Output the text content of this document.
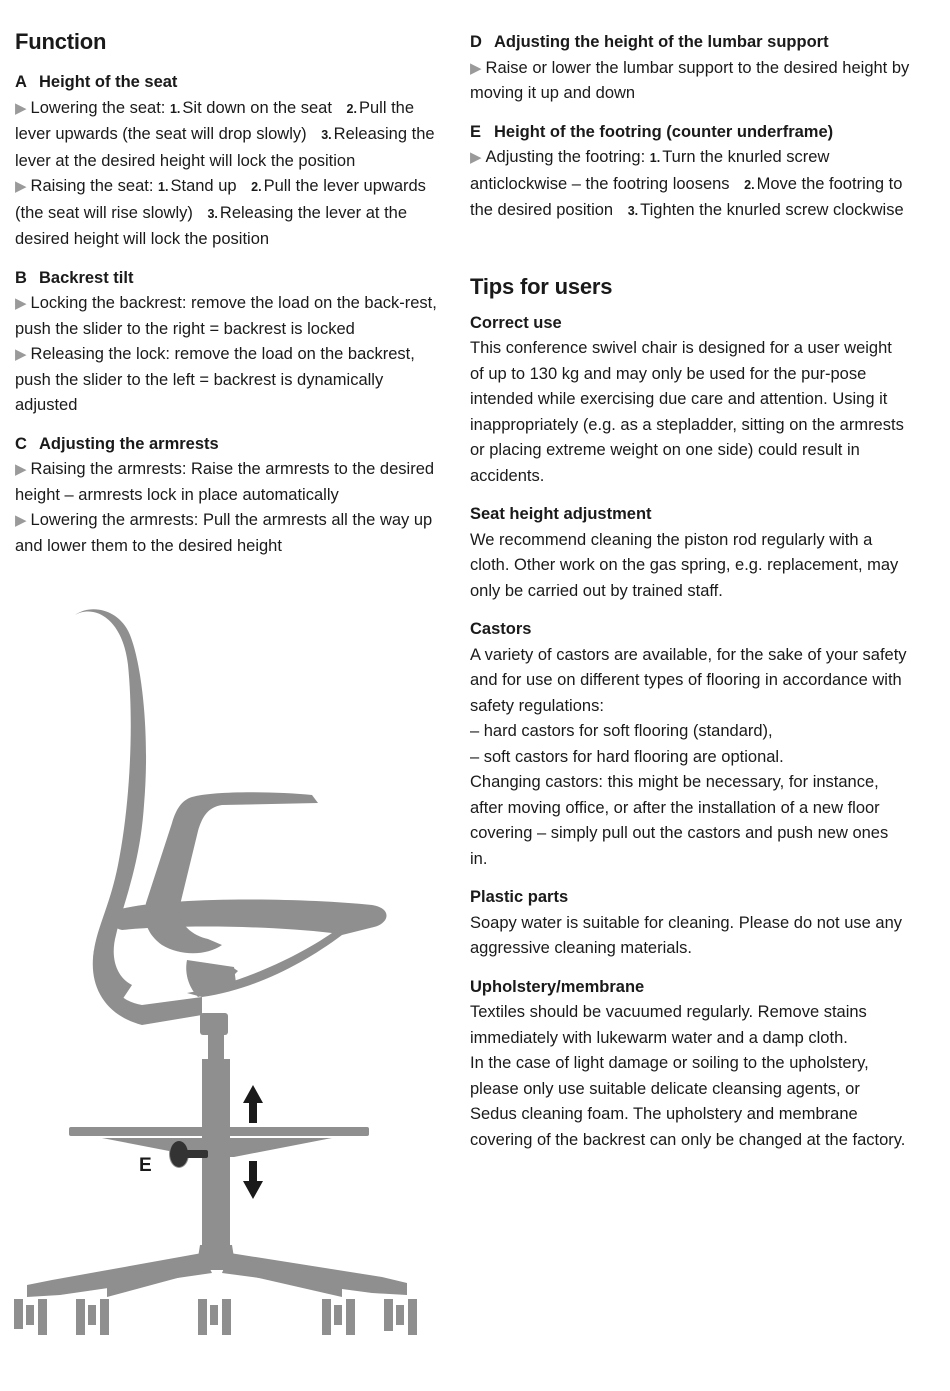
Function
A Height of the seat

▶ Lowering the seat: 1. Sit down on the seat 2. Pull the lever upwards (the seat will drop slowly) 3. Releasing the lever at the desired height will lock the position

▶ Raising the seat: 1. Stand up 2. Pull the lever upwards (the seat will rise slowly) 3. Releasing the lever at the desired height will lock the position

B Backrest tilt

▶ Locking the backrest: remove the load on the back-rest, push the slider to the right = backrest is locked

▶ Releasing the lock: remove the load on the backrest, push the slider to the left = backrest is dynamically adjusted

C Adjusting the armrests

▶ Raising the armrests: Raise the armrests to the desired height – armrests lock in place automatically

▶ Lowering the armrests: Pull the armrests all the way up and lower them to the desired height

D Adjusting the height of the lumbar support

▶ Raise or lower the lumbar support to the desired height by moving it up and down

E Height of the footring (counter underframe)

▶ Adjusting the footring: 1. Turn the knurled screw anticlockwise – the footring loosens 2. Move the footring to the desired position 3. Tighten the knurled screw clockwise

Tips for users
Correct use

This conference swivel chair is designed for a user weight of up to 130 kg and may only be used for the pur-pose intended while exercising due care and attention. Using it inappropriately (e.g. as a stepladder, sitting on the armrests or placing extreme weight on one side) could result in accidents.

Seat height adjustment

We recommend cleaning the piston rod regularly with a cloth. Other work on the gas spring, e.g. replacement, may only be carried out by trained staff.

Castors

A variety of castors are available, for the sake of your safety and for use on different types of flooring in accordance with safety regulations:

– hard castors for soft flooring (standard),

– soft castors for hard flooring are optional.

Changing castors: this might be necessary, for instance, after moving office, or after the installation of a new floor covering – simply pull out the castors and push new ones in.

Plastic parts

Soapy water is suitable for cleaning. Please do not use any aggressive cleaning materials.

Upholstery/membrane

Textiles should be vacuumed regularly. Remove stains immediately with lukewarm water and a damp cloth.

In the case of light damage or soiling to the upholstery, please only use suitable delicate cleansing agents, or Sedus cleaning foam. The upholstery and membrane covering of the backrest can only be changed at the factory.

E
